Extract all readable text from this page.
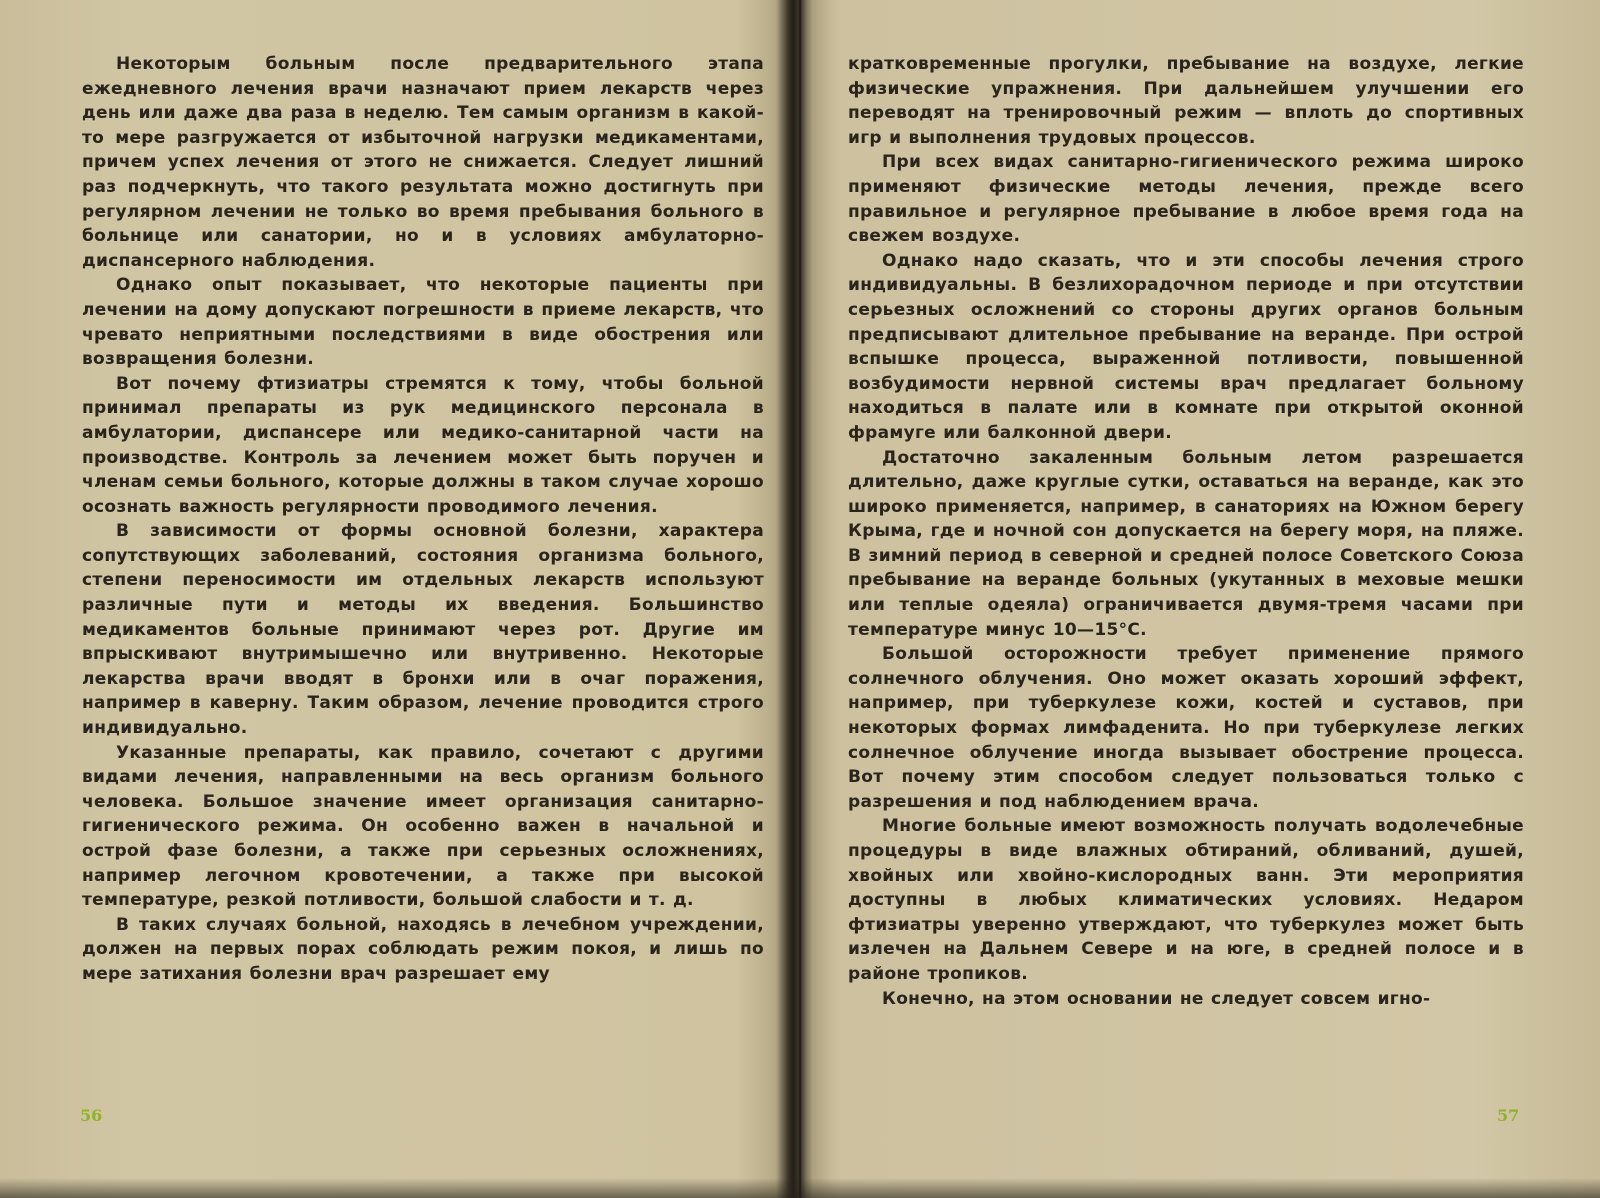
Некоторым больным после предварительного этапа ежедневного лечения врачи назначают прием лекарств через день или даже два раза в неделю. Тем самым организм в какой-то мере разгружается от избыточной нагрузки медикаментами, причем успех лечения от этого не снижается. Следует лишний раз подчеркнуть, что такого результата можно достигнуть при регулярном лечении не только во время пребывания больного в больнице или санатории, но и в условиях амбулаторно-диспансерного наблюдения.

Однако опыт показывает, что некоторые пациенты при лечении на дому допускают погрешности в приеме лекарств, что чревато неприятными последствиями в виде обострения или возвращения болезни.

Вот почему фтизиатры стремятся к тому, чтобы больной принимал препараты из рук медицинского персонала в амбулатории, диспансере или медико-санитарной части на производстве. Контроль за лечением может быть поручен и членам семьи больного, которые должны в таком случае хорошо осознать важность регулярности проводимого лечения.

В зависимости от формы основной болезни, характера сопутствующих заболеваний, состояния организма больного, степени переносимости им отдельных лекарств используют различные пути и методы их введения. Большинство медикаментов больные принимают через рот. Другие им впрыскивают внутримышечно или внутривенно. Некоторые лекарства врачи вводят в бронхи или в очаг поражения, например в каверну. Таким образом, лечение проводится строго индивидуально.

Указанные препараты, как правило, сочетают с другими видами лечения, направленными на весь организм больного человека. Большое значение имеет организация санитарно-гигиенического режима. Он особенно важен в начальной и острой фазе болезни, а также при серьезных осложнениях, например легочном кровотечении, а также при высокой температуре, резкой потливости, большой слабости и т. д.

В таких случаях больной, находясь в лечебном учреждении, должен на первых порах соблюдать режим покоя, и лишь по мере затихания болезни врач разрешает ему

56

кратковременные прогулки, пребывание на воздухе, легкие физические упражнения. При дальнейшем улучшении его переводят на тренировочный режим — вплоть до спортивных игр и выполнения трудовых процессов.

При всех видах санитарно-гигиенического режима широко применяют физические методы лечения, прежде всего правильное и регулярное пребывание в любое время года на свежем воздухе.

Однако надо сказать, что и эти способы лечения строго индивидуальны. В безлихорадочном периоде и при отсутствии серьезных осложнений со стороны других органов больным предписывают длительное пребывание на веранде. При острой вспышке процесса, выраженной потливости, повышенной возбудимости нервной системы врач предлагает больному находиться в палате или в комнате при открытой оконной фрамуге или балконной двери.

Достаточно закаленным больным летом разрешается длительно, даже круглые сутки, оставаться на веранде, как это широко применяется, например, в санаториях на Южном берегу Крыма, где и ночной сон допускается на берегу моря, на пляже. В зимний период в северной и средней полосе Советского Союза пребывание на веранде больных (укутанных в меховые мешки или теплые одеяла) ограничивается двумя-тремя часами при температуре минус 10—15°С.

Большой осторожности требует применение прямого солнечного облучения. Оно может оказать хороший эффект, например, при туберкулезе кожи, костей и суставов, при некоторых формах лимфаденита. Но при туберкулезе легких солнечное облучение иногда вызывает обострение процесса. Вот почему этим способом следует пользоваться только с разрешения и под наблюдением врача.

Многие больные имеют возможность получать водолечебные процедуры в виде влажных обтираний, обливаний, душей, хвойных или хвойно-кислородных ванн. Эти мероприятия доступны в любых климатических условиях. Недаром фтизиатры уверенно утверждают, что туберкулез может быть излечен на Дальнем Севере и на юге, в средней полосе и в районе тропиков.

Конечно, на этом основании не следует совсем игно-

57
